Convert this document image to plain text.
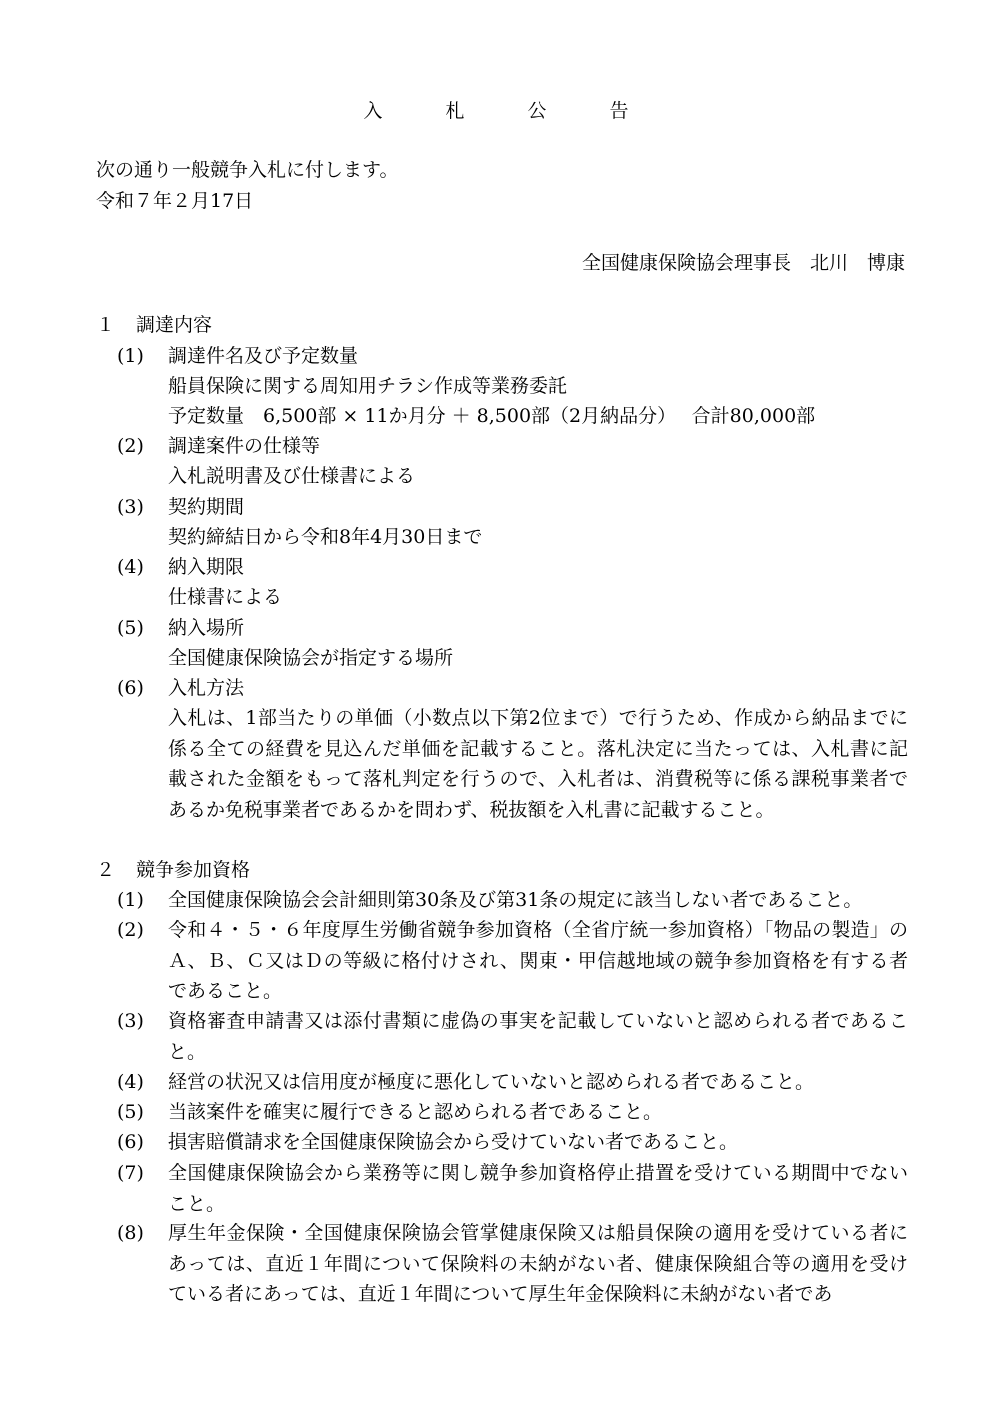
入　札　公　告
次の通り一般競争入札に付します。
令和７年２月17日
全国健康保険協会理事長　北川　博康
１ 調達内容
(1) 調達件名及び予定数量
船員保険に関する周知用チラシ作成等業務委託
予定数量　6,500部 × 11か月分 ＋ 8,500部（2月納品分）　 合計80,000部
(2) 調達案件の仕様等
入札説明書及び仕様書による
(3) 契約期間
契約締結日から令和8年4月30日まで
(4) 納入期限
仕様書による
(5) 納入場所
全国健康保険協会が指定する場所
(6) 入札方法
入札は、1部当たりの単価（小数点以下第2位まで）で行うため、作成から納品までに係る全ての経費を見込んだ単価を記載すること。落札決定に当たっては、入札書に記載された金額をもって落札判定を行うので、入札者は、消費税等に係る課税事業者であるか免税事業者であるかを問わず、税抜額を入札書に記載すること。
２ 競争参加資格
(1) 全国健康保険協会会計細則第30条及び第31条の規定に該当しない者であること。
(2) 令和４・５・６年度厚生労働省競争参加資格（全省庁統一参加資格）「物品の製造」のＡ、Ｂ、Ｃ又はＤの等級に格付けされ、関東・甲信越地域の競争参加資格を有する者であること。
(3) 資格審査申請書又は添付書類に虚偽の事実を記載していないと認められる者であること。
(4) 経営の状況又は信用度が極度に悪化していないと認められる者であること。
(5) 当該案件を確実に履行できると認められる者であること。
(6) 損害賠償請求を全国健康保険協会から受けていない者であること。
(7) 全国健康保険協会から業務等に関し競争参加資格停止措置を受けている期間中でないこと。
(8) 厚生年金保険・全国健康保険協会管掌健康保険又は船員保険の適用を受けている者にあっては、直近１年間について保険料の未納がない者、健康保険組合等の適用を受けている者にあっては、直近１年間について厚生年金保険料に未納がない者であ
